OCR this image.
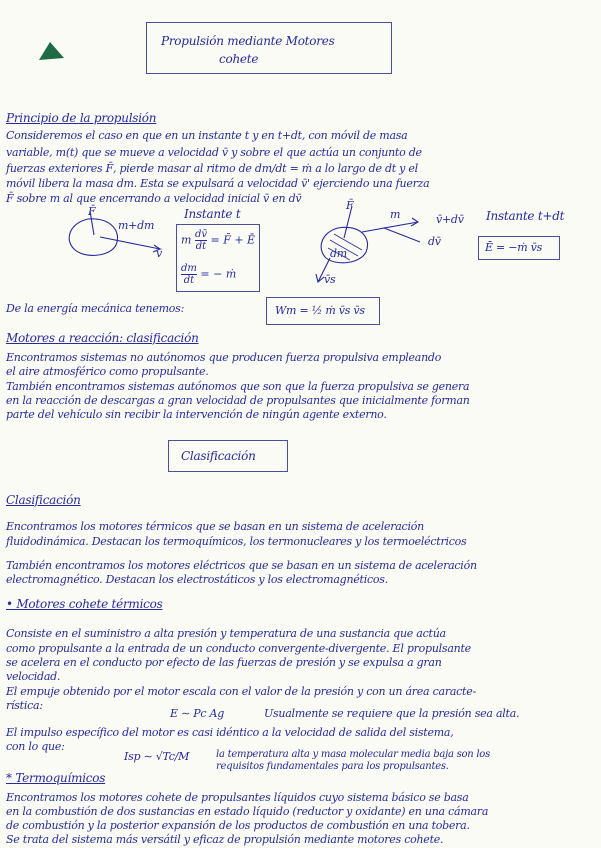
Propulsión mediante Motores
cohete
Principio de la propulsión
Consideremos el caso en que en un instante t y en t+dt, con móvil de masa
variable, m(t) que se mueve a velocidad v̄ y sobre el que actúa un conjunto de
fuerzas exteriores F̄, pierde masar al ritmo de dm/dt = ṁ a lo largo de dt y el
móvil libera la masa dm. Esta se expulsará a velocidad v̄' ejerciendo una fuerza
F̄ sobre m al que encerrando a velocidad inicial v̄ en dv̄
F̄
m+dm
v̄
Instante t
m $\frac{dv̄}{dt}$ = F̄ + Ē
$\frac{dm}{dt}$ = − ṁ
F̄
m	v̄+dv̄
dv̄
dm
v̄s
Instante t+dt
Ē = −ṁ v̄s
De la energía mecánica tenemos:	Wm = ½ ṁ v̄s v̄s
Motores a reacción: clasificación
Encontramos sistemas no autónomos que producen fuerza propulsiva empleando
el aire atmosférico como propulsante.
También encontramos sistemas autónomos que son que la fuerza propulsiva se genera
en la reacción de descargas a gran velocidad de propulsantes que inicialmente forman
parte del vehículo sin recibir la intervención de ningún agente externo.
Clasificación
Clasificación
Encontramos los motores térmicos que se basan en un sistema de aceleración
fluidodinámica. Destacan los termoquímicos, los termonucleares y los termoeléctricos
También encontramos los motores eléctricos que se basan en un sistema de aceleración
electromagnético. Destacan los electrostáticos y los electromagnéticos.
• Motores cohete térmicos
Consiste en el suministro a alta presión y temperatura de una sustancia que actúa
como propulsante a la entrada de un conducto convergente-divergente. El propulsante
se acelera en el conducto por efecto de las fuerzas de presión y se expulsa a gran
velocidad.
El empuje obtenido por el motor escala con el valor de la presión y con un área caracte-
rística:
E ∼ Pc Ag	Usualmente se requiere que la presión sea alta.
El impulso específico del motor es casi idéntico a la velocidad de salida del sistema,
con lo que:
Isp ∼ √Tc/M	la temperatura alta y masa molecular media baja son los
requisitos fundamentales para los propulsantes.
* Termoquímicos
Encontramos los motores cohete de propulsantes líquidos cuyo sistema básico se basa
en la combustión de dos sustancias en estado líquido (reductor y oxidante) en una cámara
de combustión y la posterior expansión de los productos de combustión en una tobera.
Se trata del sistema más versátil y eficaz de propulsión mediante motores cohete.
